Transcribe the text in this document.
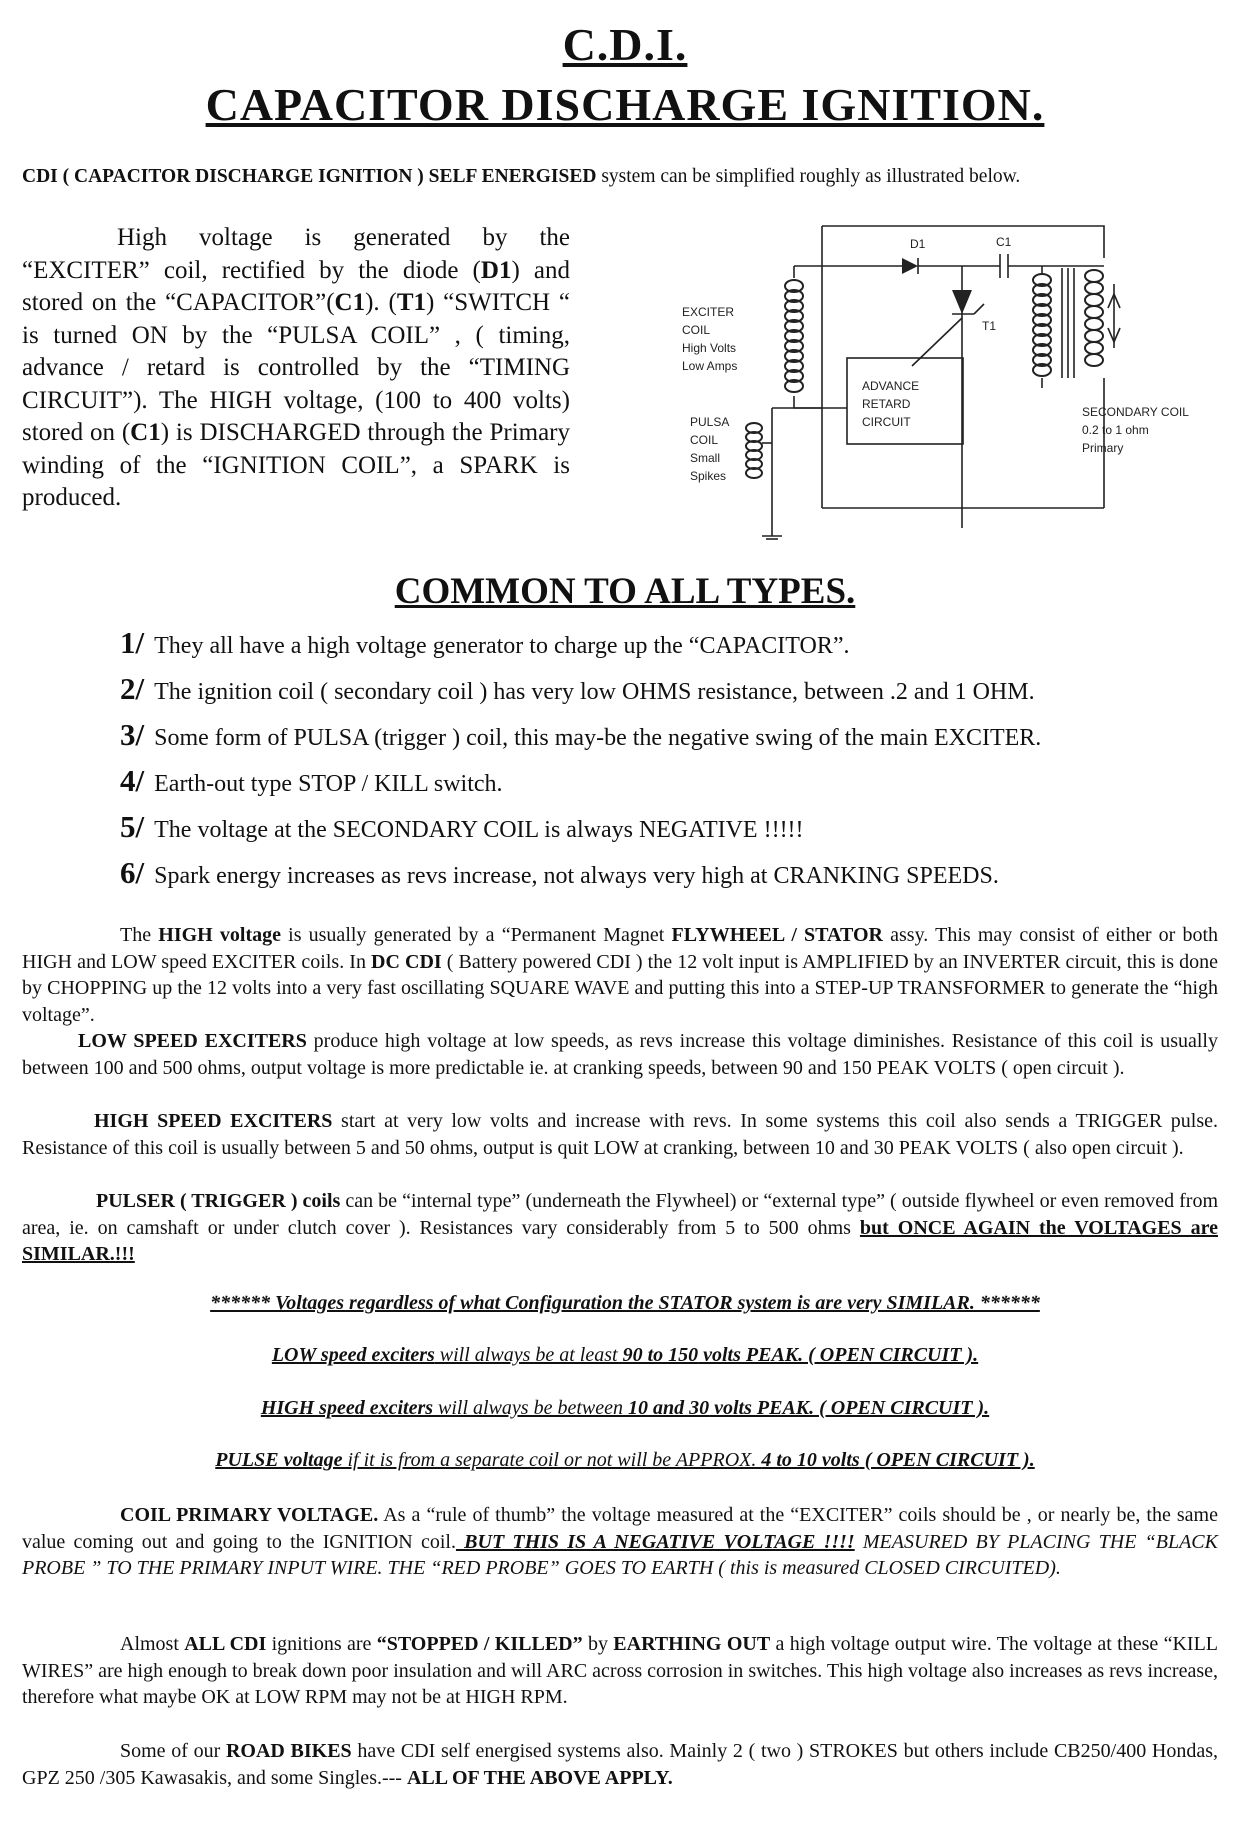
C.D.I.
CAPACITOR DISCHARGE IGNITION.
CDI ( CAPACITOR DISCHARGE IGNITION ) SELF ENERGISED system can be simplified roughly as illustrated below.
High voltage is generated by the “EXCITER” coil, rectified by the diode (D1) and stored on the “CAPACITOR”(C1). (T1) “SWITCH “ is turned ON by the “PULSA COIL” , ( timing, advance / retard is controlled by the “TIMING CIRCUIT”). The HIGH voltage, (100 to 400 volts) stored on (C1) is DISCHARGED through the Primary winding of the “IGNITION COIL”, a SPARK is produced.
D1	C1
T1
EXCITER
COIL
High Volts
Low Amps
PULSA
COIL
Small
Spikes
ADVANCE
RETARD
CIRCUIT
SECONDARY COIL
0.2 to 1 ohm
Primary
COMMON TO ALL TYPES.
1/ They all have a high voltage generator to charge up the “CAPACITOR”.
2/ The ignition coil ( secondary coil ) has very low OHMS resistance, between .2 and 1 OHM.
3/ Some form of PULSA (trigger ) coil, this may-be the negative swing of the main EXCITER.
4/ Earth-out type STOP / KILL switch.
5/ The voltage at the SECONDARY COIL is always NEGATIVE !!!!!
6/ Spark energy increases as revs increase, not always very high at CRANKING SPEEDS.
The HIGH voltage is usually generated by a “Permanent Magnet FLYWHEEL / STATOR assy. This may consist of either or both HIGH and LOW speed EXCITER coils. In DC CDI ( Battery powered CDI ) the 12 volt input is AMPLIFIED by an INVERTER circuit, this is done by CHOPPING up the 12 volts into a very fast oscillating SQUARE WAVE and putting this into a STEP-UP TRANSFORMER to generate the “high voltage”.
LOW SPEED EXCITERS produce high voltage at low speeds, as revs increase this voltage diminishes. Resistance of this coil is usually between 100 and 500 ohms, output voltage is more predictable ie. at cranking speeds, between 90 and 150 PEAK VOLTS ( open circuit ).
HIGH SPEED EXCITERS start at very low volts and increase with revs. In some systems this coil also sends a TRIGGER pulse. Resistance of this coil is usually between 5 and 50 ohms, output is quit LOW at cranking, between 10 and 30 PEAK VOLTS ( also open circuit ).
PULSER ( TRIGGER ) coils can be “internal type” (underneath the Flywheel) or “external type” ( outside flywheel or even removed from area, ie. on camshaft or under clutch cover ). Resistances vary considerably from 5 to 500 ohms but ONCE AGAIN the VOLTAGES are SIMILAR.!!!
****** Voltages regardless of what Configuration the STATOR system is are very SIMILAR. ******
LOW speed exciters will always be at least 90 to 150 volts PEAK. ( OPEN CIRCUIT ).
HIGH speed exciters will always be between 10 and 30 volts PEAK. ( OPEN CIRCUIT ).
PULSE voltage if it is from a separate coil or not will be APPROX. 4 to 10 volts ( OPEN CIRCUIT ).
COIL PRIMARY VOLTAGE. As a “rule of thumb” the voltage measured at the “EXCITER” coils should be , or nearly be, the same value coming out and going to the IGNITION coil. BUT THIS IS A NEGATIVE VOLTAGE !!!! MEASURED BY PLACING THE “BLACK PROBE ” TO THE PRIMARY INPUT WIRE. THE “RED PROBE” GOES TO EARTH ( this is measured CLOSED CIRCUITED).
Almost ALL CDI ignitions are “STOPPED / KILLED” by EARTHING OUT a high voltage output wire. The voltage at these “KILL WIRES” are high enough to break down poor insulation and will ARC across corrosion in switches. This high voltage also increases as revs increase, therefore what maybe OK at LOW RPM may not be at HIGH RPM.
Some of our ROAD BIKES have CDI self energised systems also. Mainly 2 ( two ) STROKES but others include CB250/400 Hondas, GPZ 250 /305 Kawasakis, and some Singles.--- ALL OF THE ABOVE APPLY.
